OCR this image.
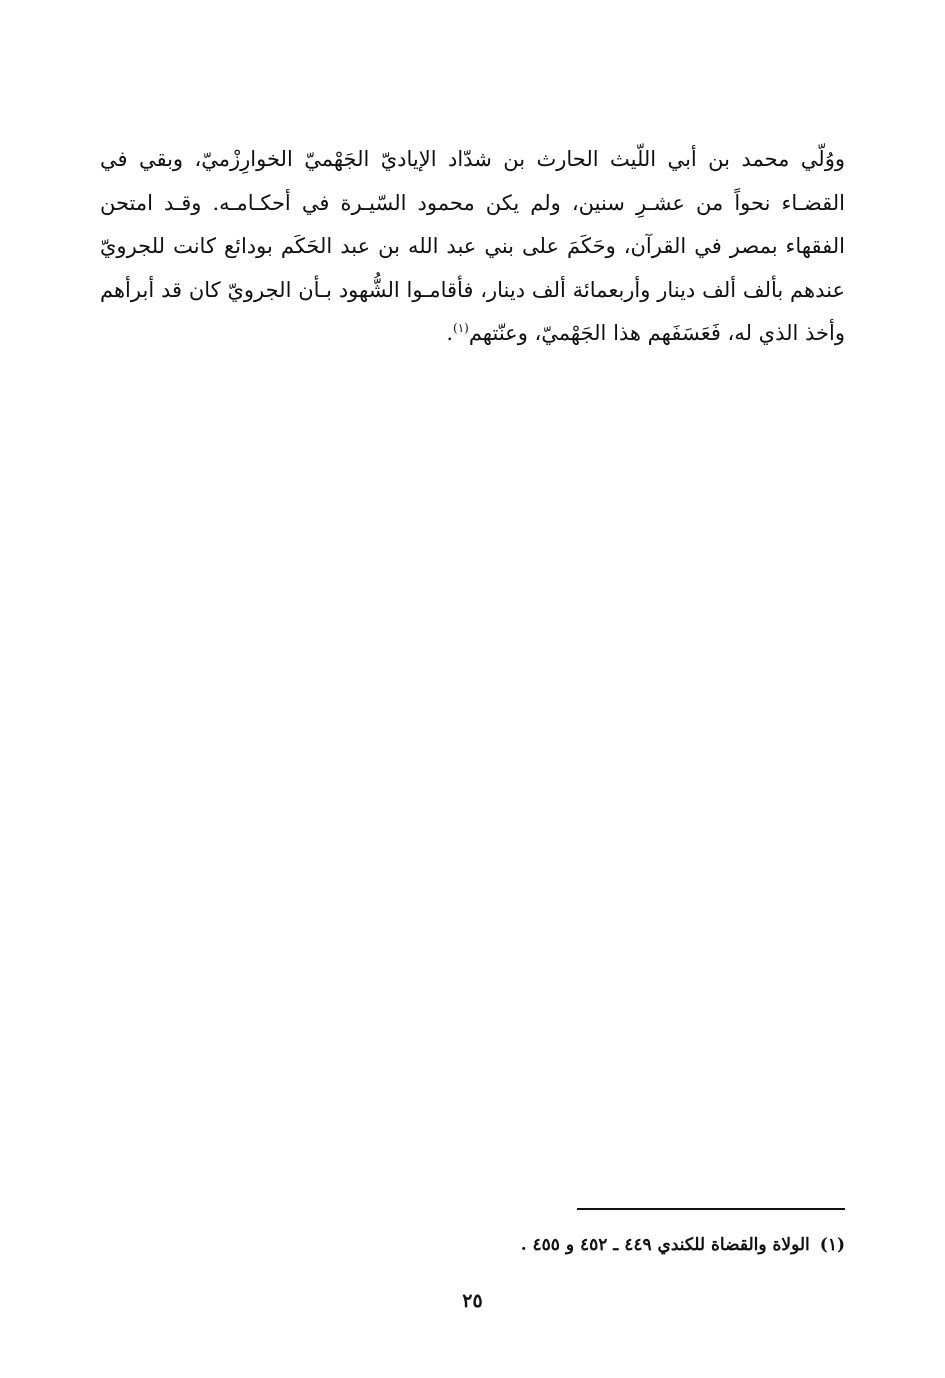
ووُلّي محمد بن أبي اللّيث الحارث بن شدّاد الإياديّ الجَهْميّ الخوارِزْميّ، وبقي في القضـاء نحواً من عشـرِ سنين، ولم يكن محمود السّيـرة في أحكـامـه. وقـد امتحن الفقهاء بمصر في القرآن، وحَكَمَ على بني عبد الله بن عبد الحَكَم بودائع كانت للجرويّ عندهم بألف ألف دينار وأربعمائة ألف دينار، فأقامـوا الشُّهود بـأن الجرويّ كان قد أبرأهم وأخذ الذي له، فَعَسَفَهم هذا الجَهْميّ، وعنّتهم$^{(١)}$.

(١)الولاة والقضاة للكندي ٤٤٩ ـ ٤٥٢ و ٤٥٥ .

٢٥
